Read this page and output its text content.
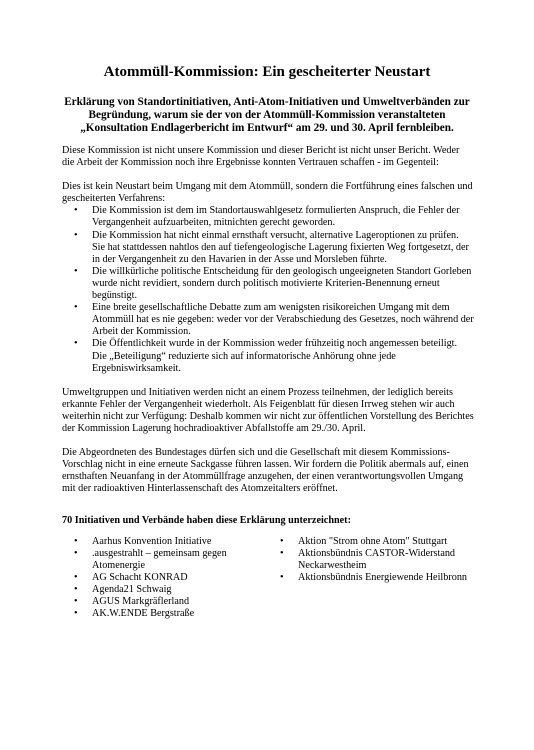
Atommüll-Kommission: Ein gescheiterter Neustart

Erklärung von Standortinitiativen, Anti-Atom-Initiativen und Umweltverbänden zur Begründung, warum sie der von der Atommüll-Kommission veranstalteten „Konsultation Endlagerbericht im Entwurf“ am 29. und 30. April fernbleiben.

Diese Kommission ist nicht unsere Kommission und dieser Bericht ist nicht unser Bericht. Weder die Arbeit der Kommission noch ihre Ergebnisse konnten Vertrauen schaffen - im Gegenteil:

Dies ist kein Neustart beim Umgang mit dem Atommüll, sondern die Fortführung eines falschen und gescheiterten Verfahrens:

• Die Kommission ist dem im Standortauswahlgesetz formulierten Anspruch, die Fehler der Vergangenheit aufzuarbeiten, mitnichten gerecht geworden.
• Die Kommission hat nicht einmal ernsthaft versucht, alternative Lageroptionen zu prüfen. Sie hat stattdessen nahtlos den auf tiefengeologische Lagerung fixierten Weg fortgesetzt, der in der Vergangenheit zu den Havarien in der Asse und Morsleben führte.
• Die willkürliche politische Entscheidung für den geologisch ungeeigneten Standort Gorleben wurde nicht revidiert, sondern durch politisch motivierte Kriterien-Benennung erneut begünstigt.
• Eine breite gesellschaftliche Debatte zum am wenigsten risikoreichen Umgang mit dem Atommüll hat es nie gegeben: weder vor der Verabschiedung des Gesetzes, noch während der Arbeit der Kommission.
• Die Öffentlichkeit wurde in der Kommission weder frühzeitig noch angemessen beteiligt. Die „Beteiligung“ reduzierte sich auf informatorische Anhörung ohne jede Ergebniswirksamkeit.

Umweltgruppen und Initiativen werden nicht an einem Prozess teilnehmen, der lediglich bereits erkannte Fehler der Vergangenheit wiederholt. Als Feigenblatt für diesen Irrweg stehen wir auch weiterhin nicht zur Verfügung: Deshalb kommen wir nicht zur öffentlichen Vorstellung des Berichtes der Kommission Lagerung hochradioaktiver Abfallstoffe am 29./30. April.

Die Abgeordneten des Bundestages dürfen sich und die Gesellschaft mit diesem Kommissions-Vorschlag nicht in eine erneute Sackgasse führen lassen. Wir fordern die Politik abermals auf, einen ernsthaften Neuanfang in der Atommüllfrage anzugehen, der einen verantwortungsvollen Umgang mit der radioaktiven Hinterlassenschaft des Atomzeitalters eröffnet.

70 Initiativen und Verbände haben diese Erklärung unterzeichnet:

• Aarhus Konvention Initiative
• .ausgestrahlt – gemeinsam gegen Atomenergie
• AG Schacht KONRAD
• Agenda21 Schwaig
• AGUS Markgräflerland
• AK.W.ENDE Bergstraße
• Aktion "Strom ohne Atom" Stuttgart
• Aktionsbündnis CASTOR-Widerstand Neckarwestheim
• Aktionsbündnis Energiewende Heilbronn
